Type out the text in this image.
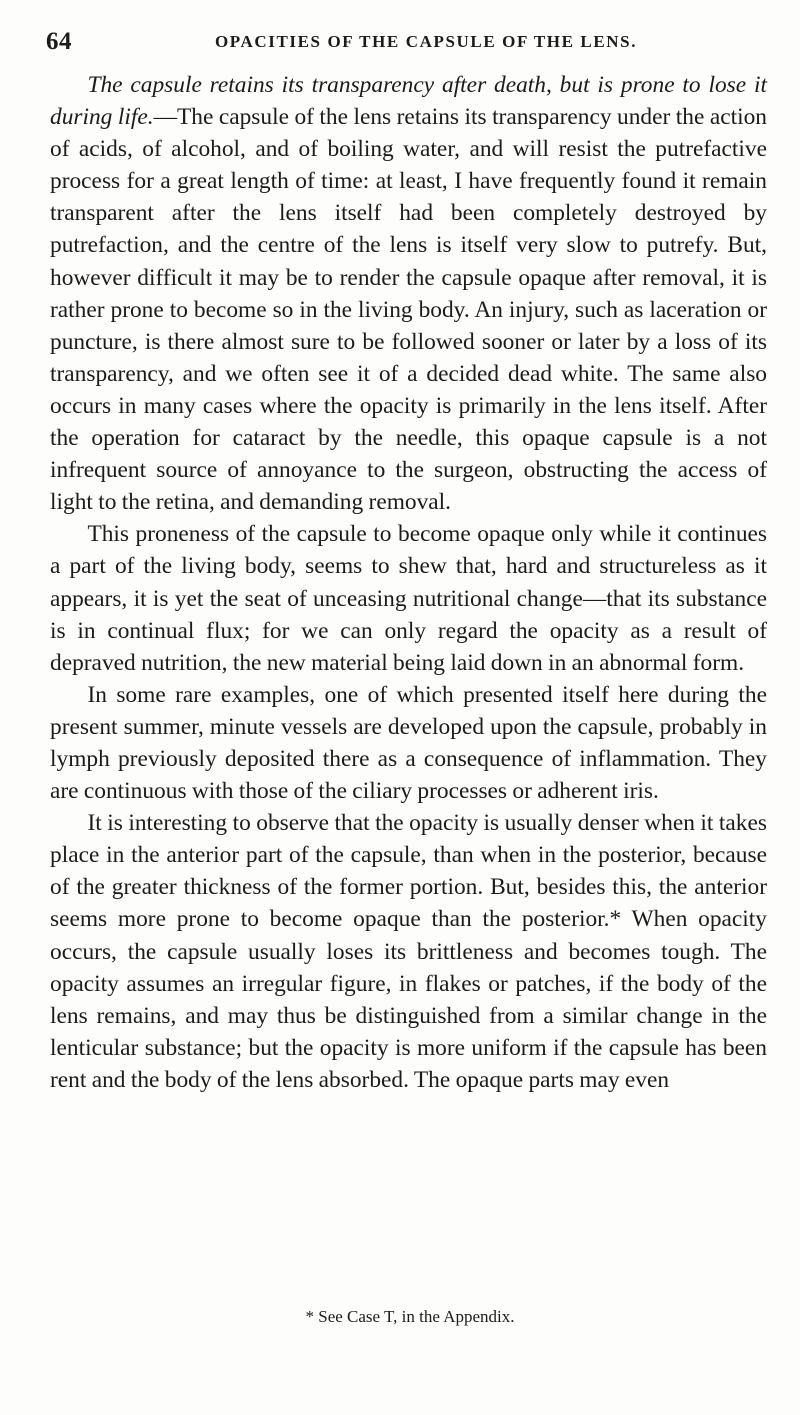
64	OPACITIES OF THE CAPSULE OF THE LENS.

The capsule retains its transparency after death, but is prone to lose it during life.—The capsule of the lens retains its transparency under the action of acids, of alcohol, and of boiling water, and will resist the putrefactive process for a great length of time: at least, I have frequently found it remain transparent after the lens itself had been completely destroyed by putrefaction, and the centre of the lens is itself very slow to putrefy. But, however difficult it may be to render the capsule opaque after removal, it is rather prone to become so in the living body. An injury, such as laceration or puncture, is there almost sure to be followed sooner or later by a loss of its transparency, and we often see it of a decided dead white. The same also occurs in many cases where the opacity is primarily in the lens itself. After the operation for cataract by the needle, this opaque capsule is a not infrequent source of annoyance to the surgeon, obstructing the access of light to the retina, and demanding removal.

This proneness of the capsule to become opaque only while it continues a part of the living body, seems to shew that, hard and structureless as it appears, it is yet the seat of unceasing nutritional change—that its substance is in continual flux; for we can only regard the opacity as a result of depraved nutrition, the new material being laid down in an abnormal form.

In some rare examples, one of which presented itself here during the present summer, minute vessels are developed upon the capsule, probably in lymph previously deposited there as a consequence of inflammation. They are continuous with those of the ciliary processes or adherent iris.

It is interesting to observe that the opacity is usually denser when it takes place in the anterior part of the capsule, than when in the posterior, because of the greater thickness of the former portion. But, besides this, the anterior seems more prone to become opaque than the posterior.* When opacity occurs, the capsule usually loses its brittleness and becomes tough. The opacity assumes an irregular figure, in flakes or patches, if the body of the lens remains, and may thus be distinguished from a similar change in the lenticular substance; but the opacity is more uniform if the capsule has been rent and the body of the lens absorbed. The opaque parts may even

* See Case T, in the Appendix.
